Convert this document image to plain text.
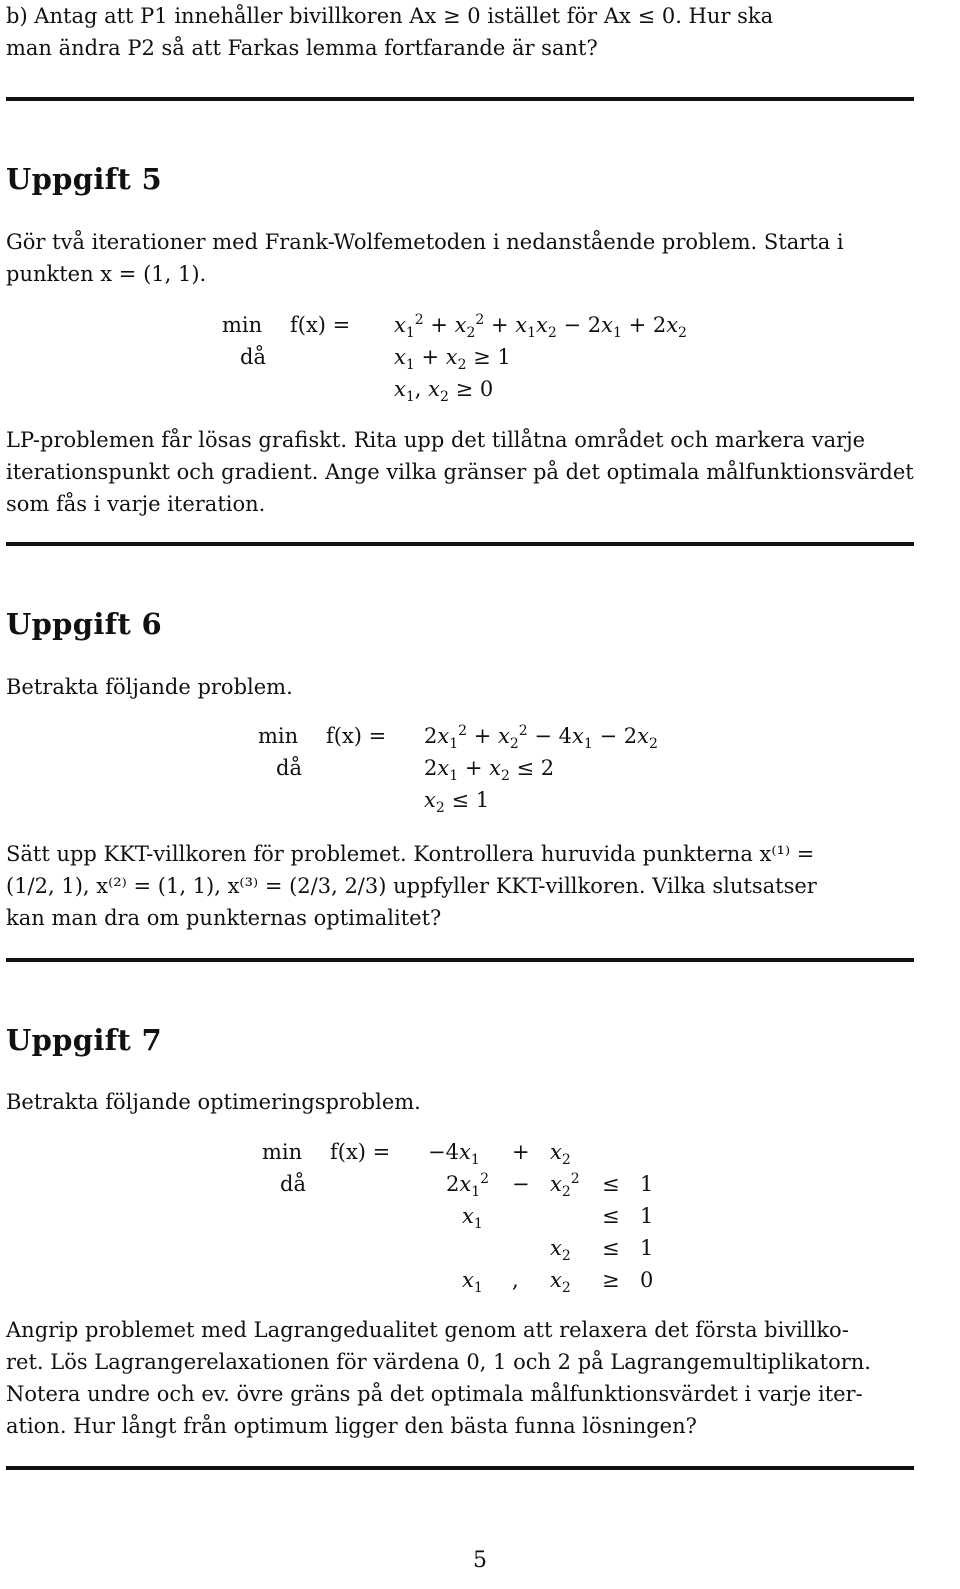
b) Antag att P1 innehåller bivillkoren Ax ≥ 0 istället för Ax ≤ 0. Hur ska
man ändra P2 så att Farkas lemma fortfarande är sant?
Uppgift 5
Gör två iterationer med Frank-Wolfemetoden i nedanstående problem. Starta i
punkten x = (1, 1).
$\min f(x) = x_1^2 + x_2^2 + x_1x_2 - 2x_1 + 2x_2$
då	$x_1 + x_2 \ge 1$
$x_1$, $x_2 \ge 0$
LP-problemen får lösas grafiskt. Rita upp det tillåtna området och markera varje
iterationspunkt och gradient. Ange vilka gränser på det optimala målfunktionsvärdet
som fås i varje iteration.
Uppgift 6
Betrakta följande problem.
$\min f(x) = 2x_1^2 + x_2^2 - 4x_1 - 2x_2$
då	$2x_1 + x_2 \le 2$
$x_2 \le 1$
Sätt upp KKT-villkoren för problemet. Kontrollera huruvida punkterna x⁽¹⁾ =
(1/2, 1), x⁽²⁾ = (1, 1), x⁽³⁾ = (2/3, 2/3) uppfyller KKT-villkoren. Vilka slutsatser
kan man dra om punkternas optimalitet?
Uppgift 7
Betrakta följande optimeringsproblem.
$\min f(x) = -4x_1 + x_2$
då	$2x_1^2 - x_2^2 \le 1$
$x_1$	≤ 1
$x_2 \le 1$
$x_1$ , $x_2 \ge 0$
Angrip problemet med Lagrangedualitet genom att relaxera det första bivillko-
ret. Lös Lagrangerelaxationen för värdena 0, 1 och 2 på Lagrangemultiplikatorn.
Notera undre och ev. övre gräns på det optimala målfunktionsvärdet i varje iter-
ation. Hur långt från optimum ligger den bästa funna lösningen?
5
